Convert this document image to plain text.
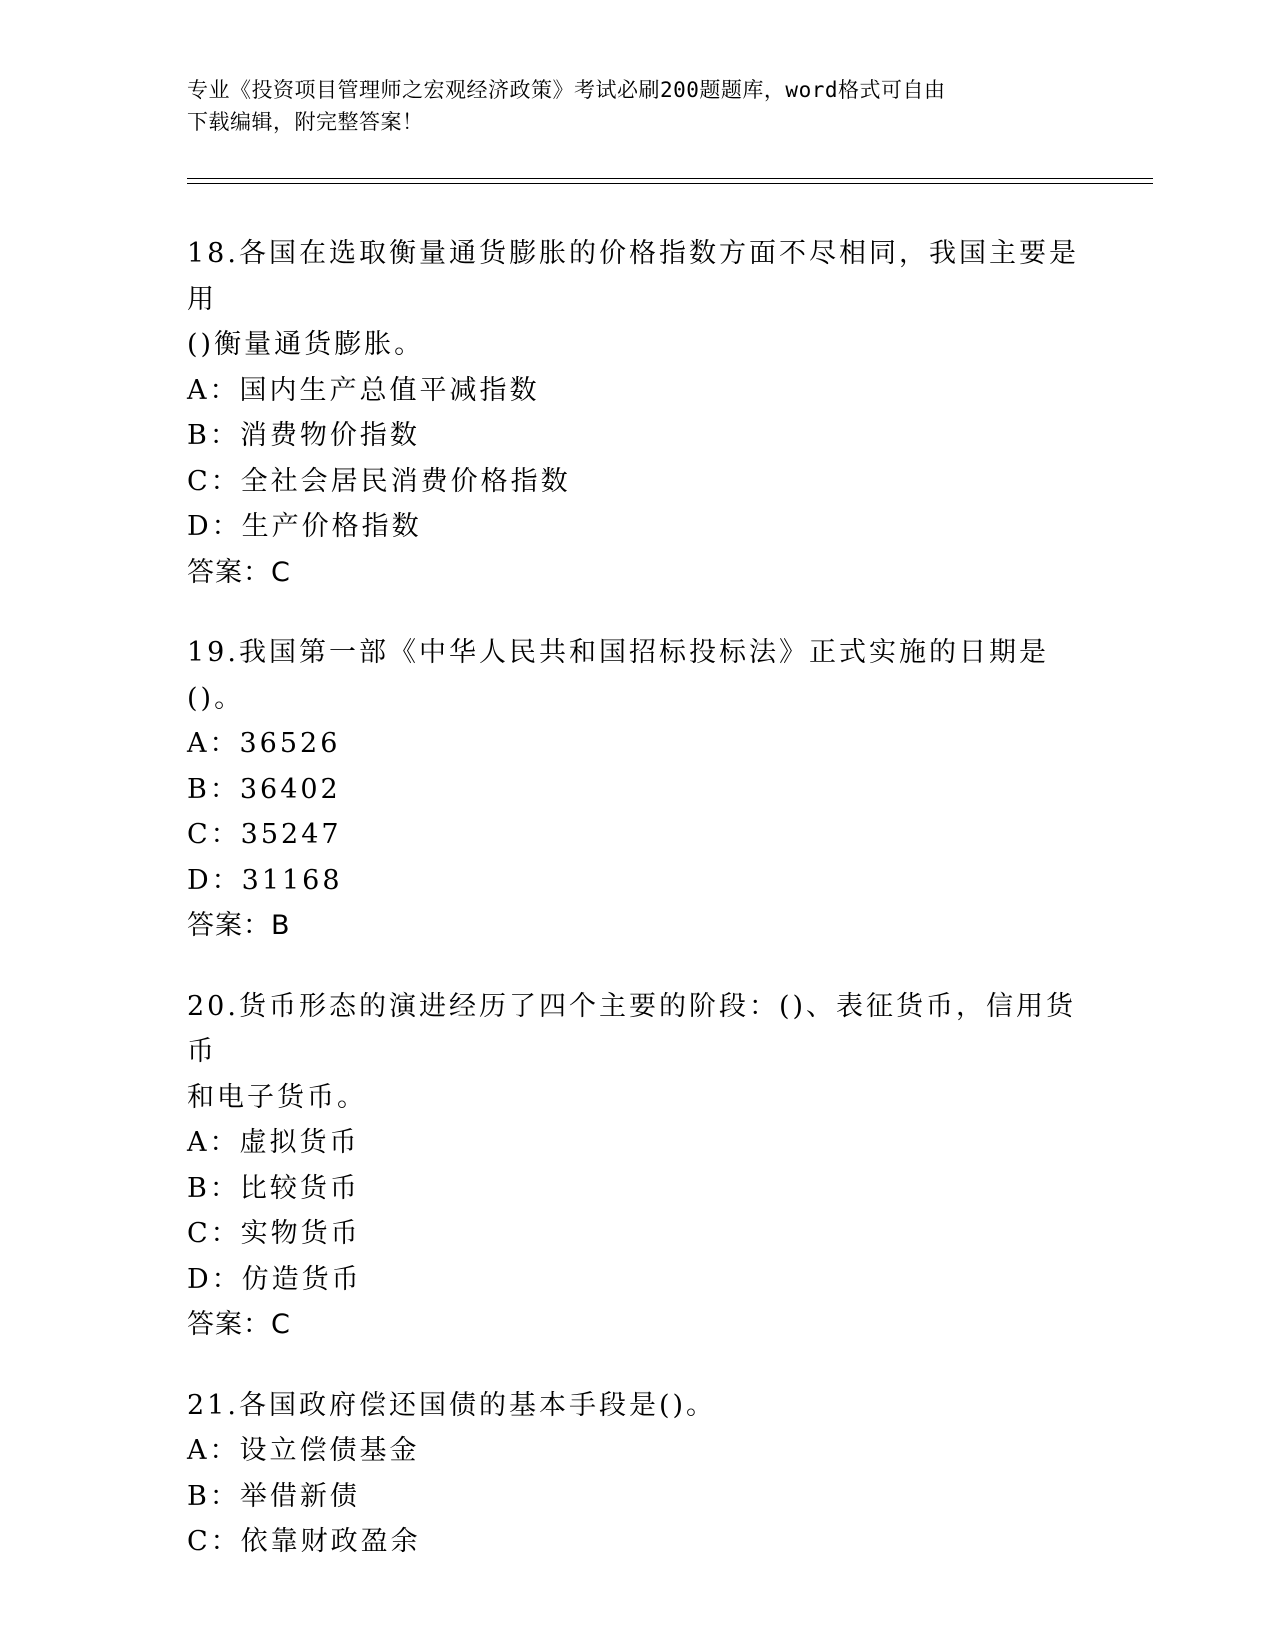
专业《投资项目管理师之宏观经济政策》考试必刷200题题库，word格式可自由
下载编辑，附完整答案！
18.各国在选取衡量通货膨胀的价格指数方面不尽相同，我国主要是用
()衡量通货膨胀。
A：国内生产总值平减指数
B：消费物价指数
C：全社会居民消费价格指数
D：生产价格指数
答案：C
19.我国第一部《中华人民共和国招标投标法》正式实施的日期是()。
A：36526
B：36402
C：35247
D：31168
答案：B
20.货币形态的演进经历了四个主要的阶段：()、表征货币，信用货币
和电子货币。
A：虚拟货币
B：比较货币
C：实物货币
D：仿造货币
答案：C
21.各国政府偿还国债的基本手段是()。
A：设立偿债基金
B：举借新债
C：依靠财政盈余
